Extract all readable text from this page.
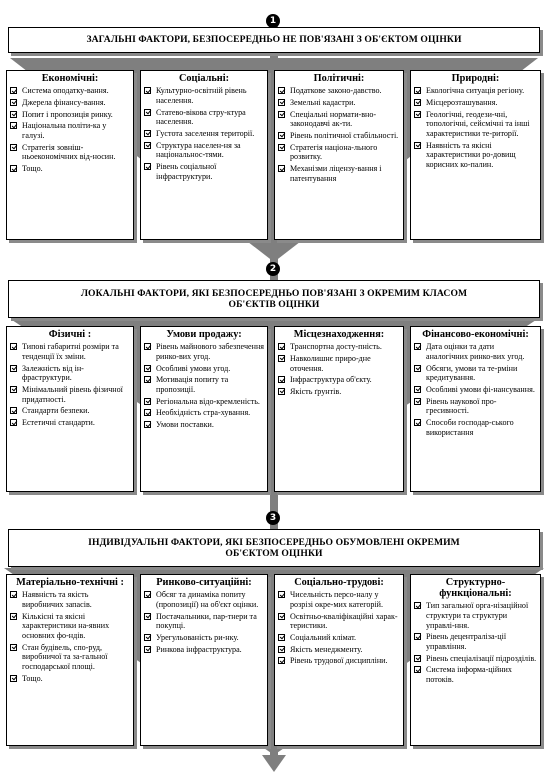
1
ЗАГАЛЬНІ ФАКТОРИ, БЕЗПОСЕРЕДНЬО НЕ ПОВ'ЯЗАНІ З ОБ'ЄКТОМ ОЦІНКИ
Економічні:
Система оподатку-вання.
Джерела фінансу-вання.
Попит і пропозиція ринку.
Національна політи-ка у галузі.
Стратегія зовніш-ньоекономічних від-носин.
Тощо.
Соціальні:
Культурно-освітній рівень населення.
Статево-вікова стру-ктура населення.
Густота заселення території.
Структура населен-ня за національнос-тями.
Рівень соціальної інфраструктури.
Політичні:
Податкове законо-давство.
Земельні кадастри.
Спеціальні нормати-вно-законодавчі ак-ти.
Рівень політичної стабільності.
Стратегія націона-льного розвитку.
Механізми ліцензу-вання і патентування
Природні:
Екологічна ситуація регіону.
Місцерозташування.
Геологічні, геодези-чні, топологічні, сейсмічні та інші характеристики те-риторії.
Наявність та якісні характеристики ро-довищ корисних ко-палин.
2
ЛОКАЛЬНІ ФАКТОРИ, ЯКІ БЕЗПОСЕРЕДНЬО ПОВ'ЯЗАНІ З ОКРЕМИМ КЛАСОМ
ОБ'ЄКТІВ ОЦІНКИ
Фізичні :
Типові габаритні розміри та тенденції їх зміни.
Залежність від ін-фраструктури.
Мінімальний рівень фізичної придатності.
Стандарти безпеки.
Естетичні стандарти.
Умови продажу:
Рівень майнового забезпечення ринко-вих угод.
Особливі умови угод.
Мотивація попиту та пропозиції.
Регіональна відо-кремленість.
Необхідність стра-хування.
Умови поставки.
Місцезнаходження:
Транспортна досту-пність.
Навколишнє приро-дне оточення.
Інфраструктура об'єкту.
Якість ґрунтів.
Фінансово-економічні:
Дата оцінки та дати аналогічних ринко-вих угод.
Обсяги, умови та те-рміни кредитування.
Особливі умови фі-нансування.
Рівень наукової про-гресивності.
Способи господар-ського використання
3
ІНДИВІДУАЛЬНІ ФАКТОРИ, ЯКІ БЕЗПОСЕРЕДНЬО ОБУМОВЛЕНІ ОКРЕМИМ
ОБ'ЄКТОМ ОЦІНКИ
Матеріально-технічні :
Наявність та якість виробничих запасів.
Кількісні та якісні характеристики на-явних основних фо-ндів.
Стан будівель, спо-руд, виробничої та за-гальної господарської площі.
Тощо.
Ринково-ситуаційні:
Обсяг та динаміка попиту (пропозиції) на об'єкт оцінки.
Постачальники, пар-тнери та покупці.
Урегульованість ри-нку.
Ринкова інфраструктура.
Соціально-трудові:
Чисельність персо-налу у розрізі окре-мих категорій.
Освітньо-кваліфікаційні харак-теристики.
Соціальний клімат.
Якість менеджменту.
Рівень трудової дисципліни.
Структурно-функціональні:
Тип загальної орга-нізаційної структури та структури управлі-ння.
Рівень децентраліза-ції управління.
Рівень спеціалізації підрозділів.
Система інформа-ційних потоків.
